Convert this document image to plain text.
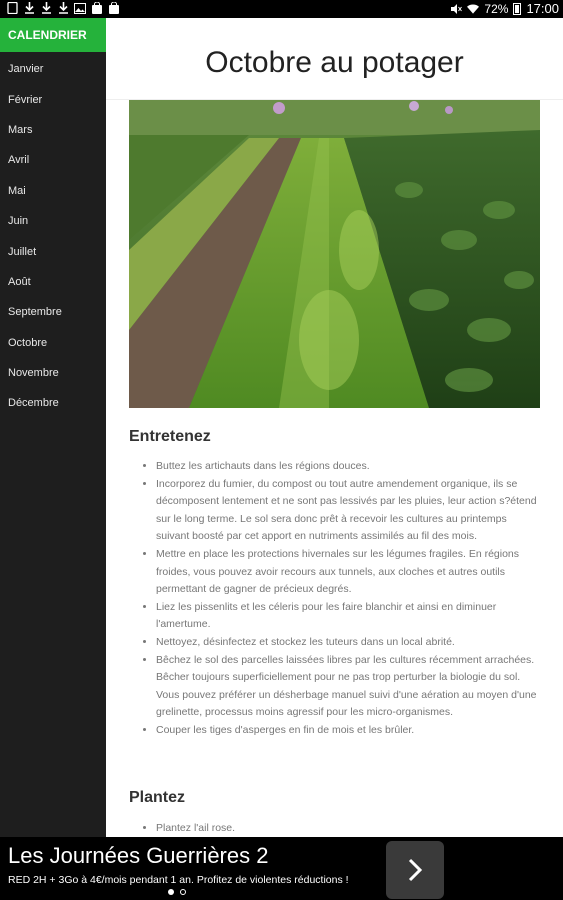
72% 17:00
CALENDRIER
Janvier
Février
Mars
Avril
Mai
Juin
Juillet
Août
Septembre
Octobre
Novembre
Décembre
Octobre au potager
Entretenez
• Buttez les artichauts dans les régions douces.
• Incorporez du fumier, du compost ou tout autre amendement organique, ils se décomposent lentement et ne sont pas lessivés par les pluies, leur action s?étend sur le long terme. Le sol sera donc prêt à recevoir les cultures au printemps suivant boosté par cet apport en nutriments assimilés au fil des mois.
• Mettre en place les protections hivernales sur les légumes fragiles. En régions froides, vous pouvez avoir recours aux tunnels, aux cloches et autres outils permettant de gagner de précieux degrés.
• Liez les pissenlits et les céleris pour les faire blanchir et ainsi en diminuer l'amertume.
• Nettoyez, désinfectez et stockez les tuteurs dans un local abrité.
• Bêchez le sol des parcelles laissées libres par les cultures récemment arrachées. Bêcher toujours superficiellement pour ne pas trop perturber la biologie du sol. Vous pouvez préférer un désherbage manuel suivi d'une aération au moyen d'une grelinette, processus moins agressif pour les micro-organismes.
• Couper les tiges d'asperges en fin de mois et les brûler.
Plantez
• Plantez l'ail rose.
Les Journées Guerrières 2
RED 2H + 3Go à 4€/mois pendant 1 an. Profitez de violentes réductions !
